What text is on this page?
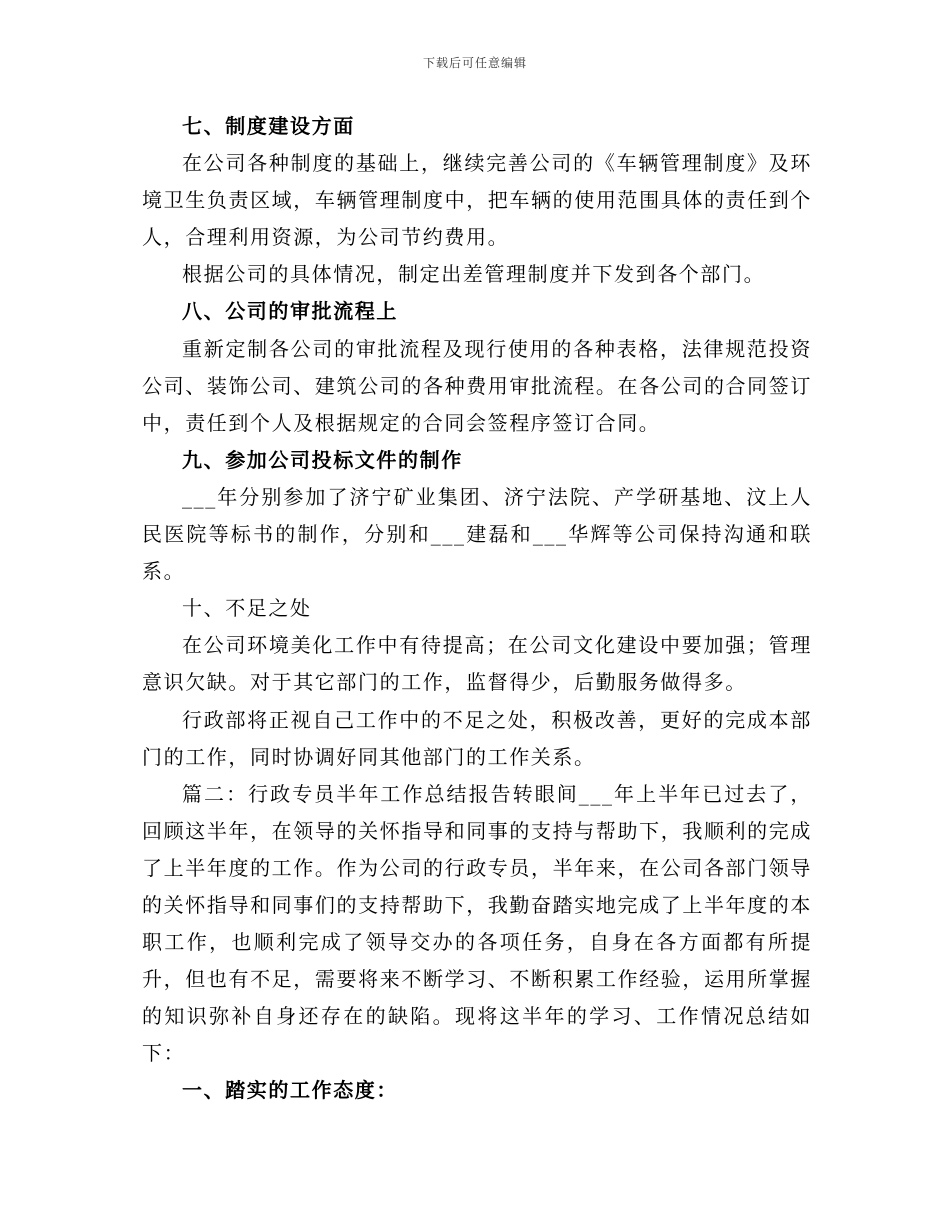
下载后可任意编辑

七、制度建设方面

在公司各种制度的基础上，继续完善公司的《车辆管理制度》及环境卫生负责区域，车辆管理制度中，把车辆的使用范围具体的责任到个人，合理利用资源，为公司节约费用。

根据公司的具体情况，制定出差管理制度并下发到各个部门。

八、公司的审批流程上

重新定制各公司的审批流程及现行使用的各种表格，法律规范投资公司、装饰公司、建筑公司的各种费用审批流程。在各公司的合同签订中，责任到个人及根据规定的合同会签程序签订合同。

九、参加公司投标文件的制作

___年分别参加了济宁矿业集团、济宁法院、产学研基地、汶上人民医院等标书的制作，分别和___建磊和___华辉等公司保持沟通和联系。

十、不足之处

在公司环境美化工作中有待提高；在公司文化建设中要加强；管理意识欠缺。对于其它部门的工作，监督得少，后勤服务做得多。

行政部将正视自己工作中的不足之处，积极改善，更好的完成本部门的工作，同时协调好同其他部门的工作关系。

篇二：行政专员半年工作总结报告转眼间___年上半年已过去了，回顾这半年，在领导的关怀指导和同事的支持与帮助下，我顺利的完成了上半年度的工作。作为公司的行政专员，半年来，在公司各部门领导的关怀指导和同事们的支持帮助下，我勤奋踏实地完成了上半年度的本职工作，也顺利完成了领导交办的各项任务，自身在各方面都有所提升，但也有不足，需要将来不断学习、不断积累工作经验，运用所掌握的知识弥补自身还存在的缺陷。现将这半年的学习、工作情况总结如下：

一、踏实的工作态度：
